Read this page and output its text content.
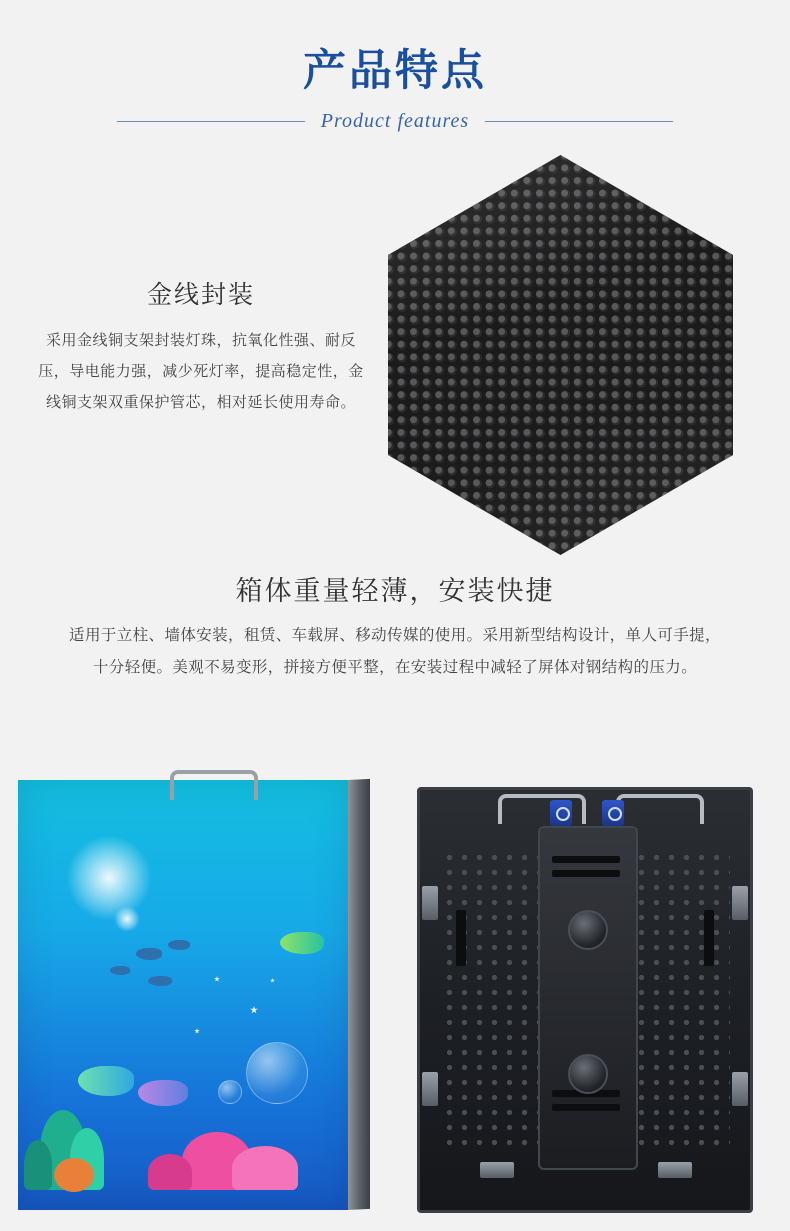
产品特点
Product features
金线封装
采用金线铜支架封装灯珠，抗氧化性强、耐反压，导电能力强，减少死灯率，提高稳定性，金线铜支架双重保护管芯，相对延长使用寿命。
箱体重量轻薄，安装快捷
适用于立柱、墙体安装，租赁、车载屏、移动传媒的使用。采用新型结构设计，单人可手提，十分轻便。美观不易变形，拼接方便平整，在安装过程中减轻了屏体对钢结构的压力。
